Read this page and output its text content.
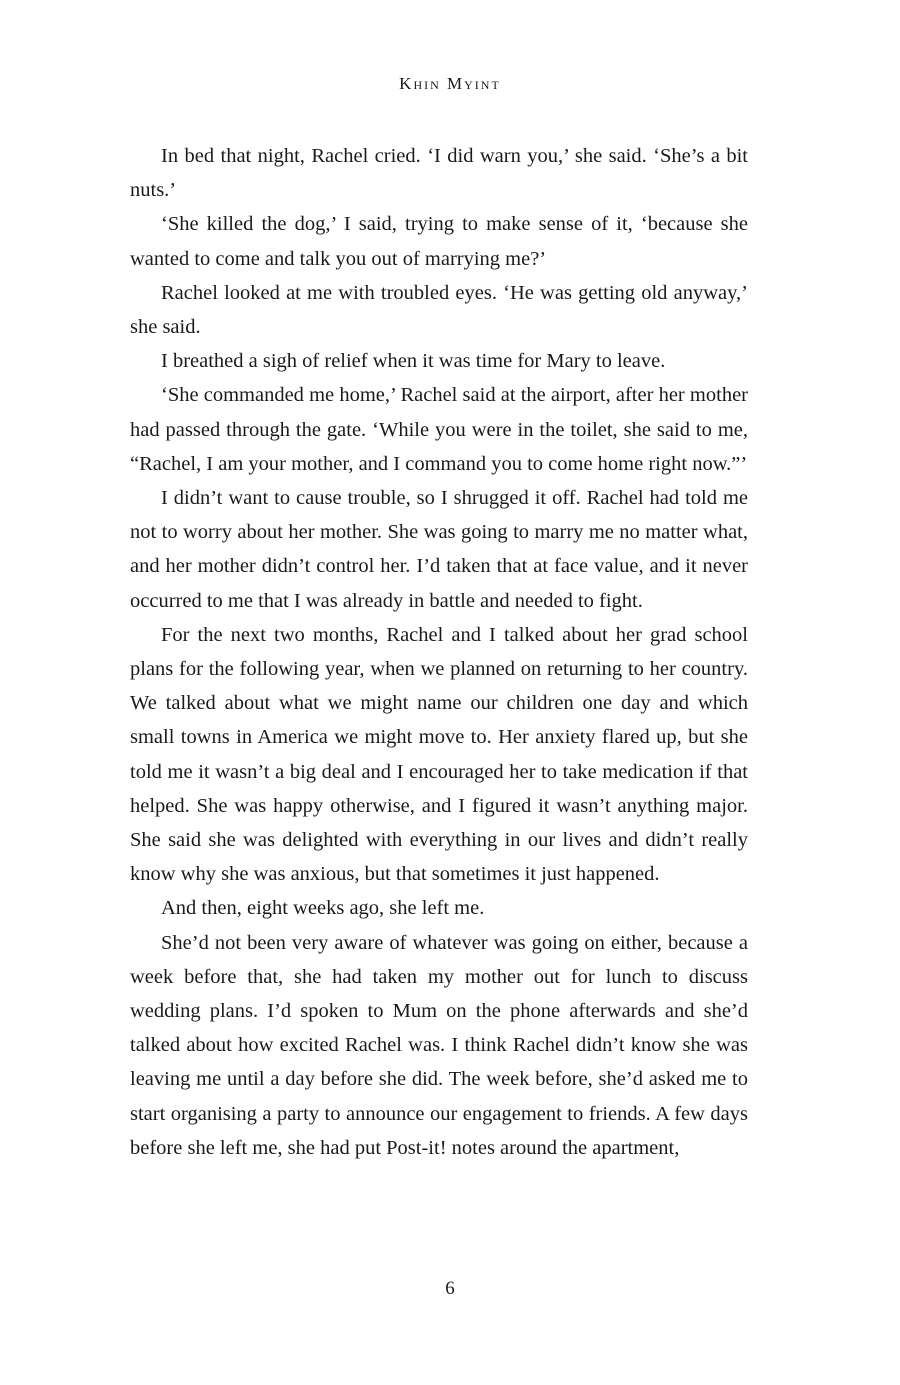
Khin Myint

In bed that night, Rachel cried. ‘I did warn you,’ she said. ‘She’s a bit nuts.’

‘She killed the dog,’ I said, trying to make sense of it, ‘because she wanted to come and talk you out of marrying me?’

Rachel looked at me with troubled eyes. ‘He was getting old anyway,’ she said.

I breathed a sigh of relief when it was time for Mary to leave.

‘She commanded me home,’ Rachel said at the airport, after her mother had passed through the gate. ‘While you were in the toilet, she said to me, “Rachel, I am your mother, and I command you to come home right now.”’

I didn’t want to cause trouble, so I shrugged it off. Rachel had told me not to worry about her mother. She was going to marry me no matter what, and her mother didn’t control her. I’d taken that at face value, and it never occurred to me that I was already in battle and needed to fight.

For the next two months, Rachel and I talked about her grad school plans for the following year, when we planned on returning to her country. We talked about what we might name our children one day and which small towns in America we might move to. Her anxiety flared up, but she told me it wasn’t a big deal and I encouraged her to take medication if that helped. She was happy otherwise, and I figured it wasn’t anything major. She said she was delighted with everything in our lives and didn’t really know why she was anxious, but that sometimes it just happened.

And then, eight weeks ago, she left me.

She’d not been very aware of whatever was going on either, because a week before that, she had taken my mother out for lunch to discuss wedding plans. I’d spoken to Mum on the phone afterwards and she’d talked about how excited Rachel was. I think Rachel didn’t know she was leaving me until a day before she did. The week before, she’d asked me to start organising a party to announce our engagement to friends. A few days before she left me, she had put Post-it! notes around the apartment,

6
